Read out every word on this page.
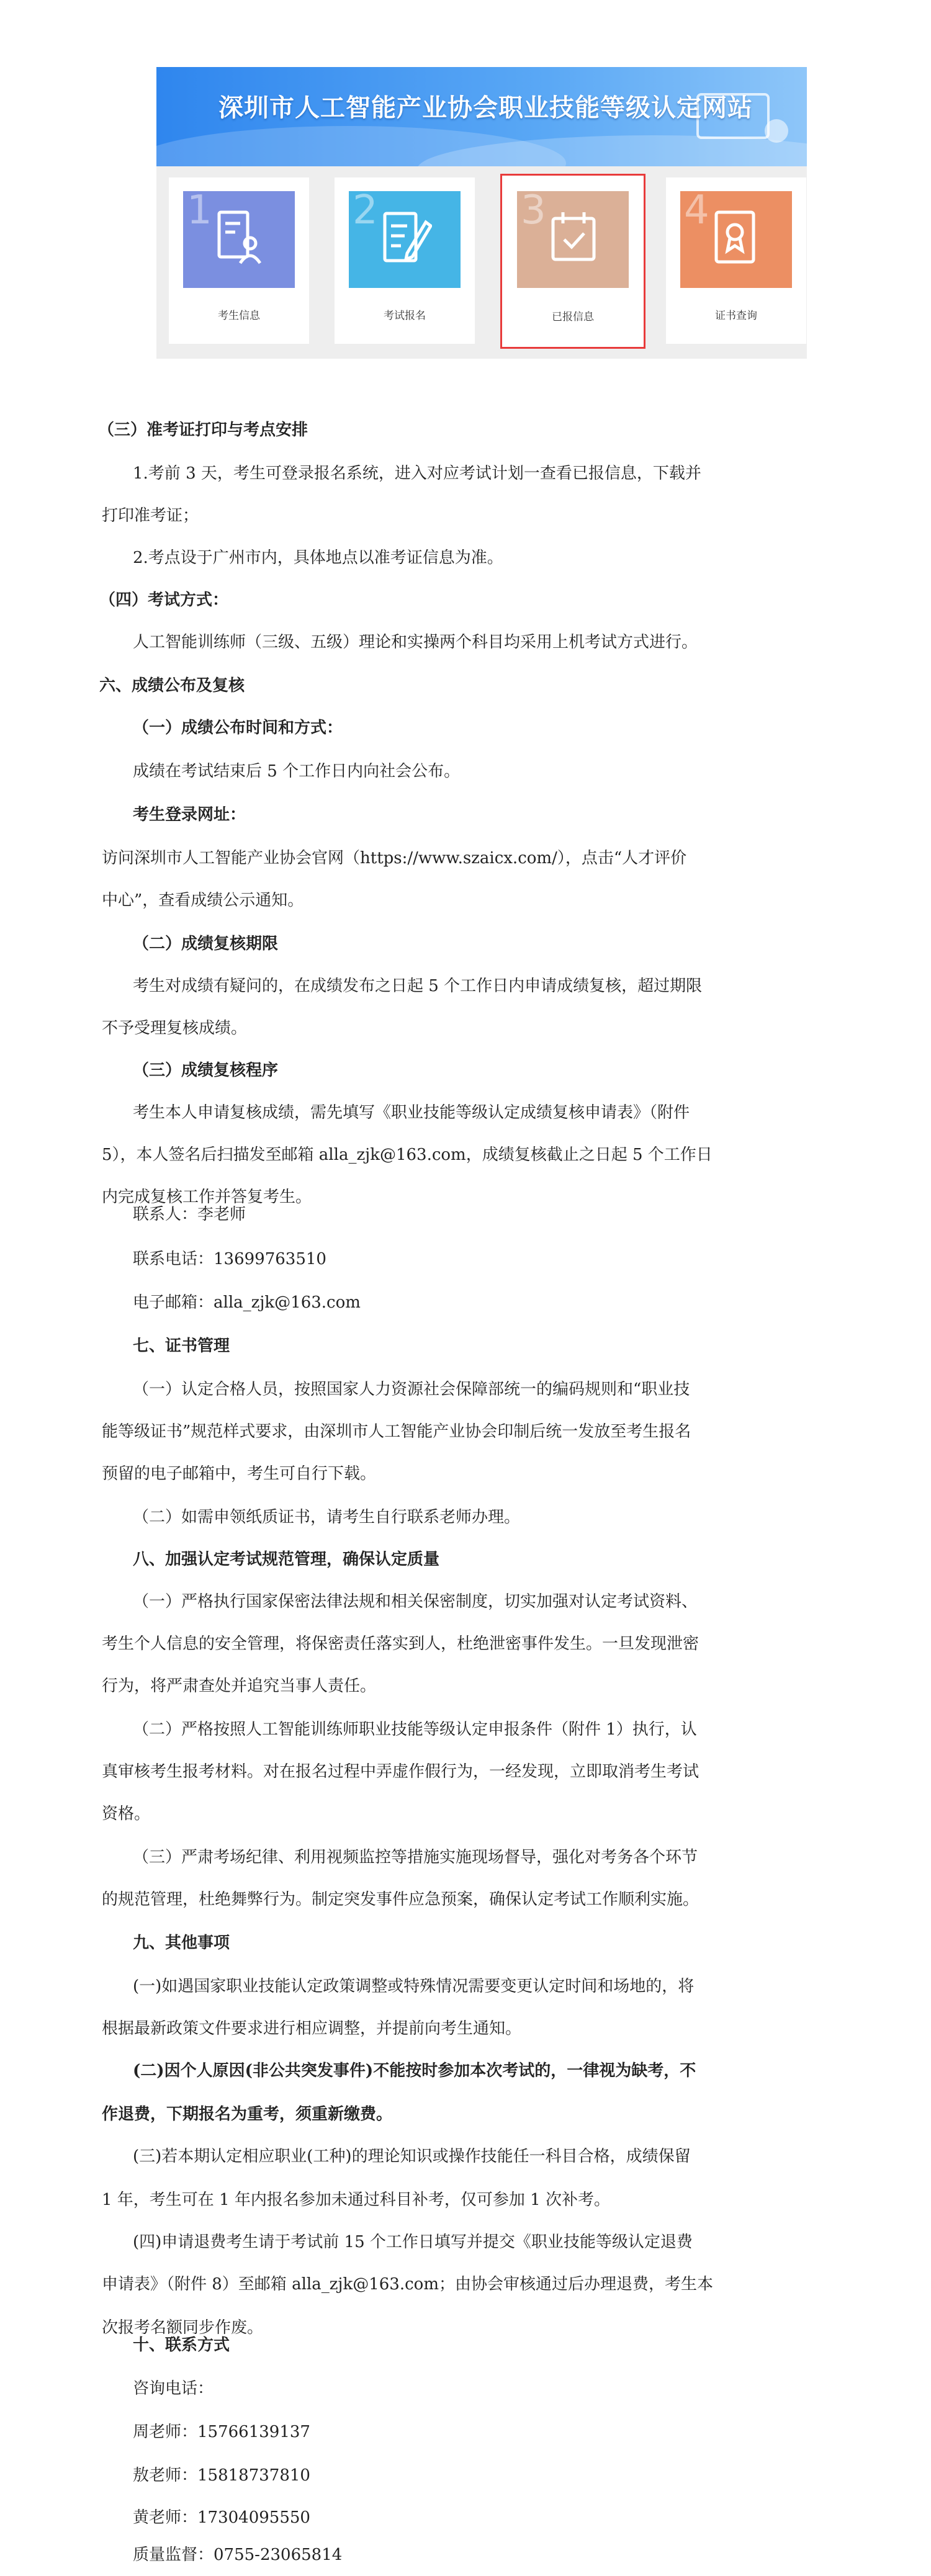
深圳市人工智能产业协会职业技能等级认定网站
1
考生信息
2
考试报名
3
已报信息
4
证书查询
（三）准考证打印与考点安排
1.考前 3 天，考生可登录报名系统，进入对应考试计划一查看已报信息，下载并
打印准考证；
2.考点设于广州市内，具体地点以准考证信息为准。
（四）考试方式：
人工智能训练师（三级、五级）理论和实操两个科目均采用上机考试方式进行。
六、成绩公布及复核
（一）成绩公布时间和方式：
成绩在考试结束后 5 个工作日内向社会公布。
考生登录网址：
访问深圳市人工智能产业协会官网（https://www.szaicx.com/），点击“人才评价
中心”，查看成绩公示通知。
（二）成绩复核期限
考生对成绩有疑问的，在成绩发布之日起 5 个工作日内申请成绩复核，超过期限
不予受理复核成绩。
（三）成绩复核程序
考生本人申请复核成绩，需先填写《职业技能等级认定成绩复核申请表》（附件
5），本人签名后扫描发至邮箱 alla_zjk@163.com，成绩复核截止之日起 5 个工作日
内完成复核工作并答复考生。
联系人：李老师
联系电话：13699763510
电子邮箱：alla_zjk@163.com
七、证书管理
（一）认定合格人员，按照国家人力资源社会保障部统一的编码规则和“职业技
能等级证书”规范样式要求，由深圳市人工智能产业协会印制后统一发放至考生报名
预留的电子邮箱中，考生可自行下载。
（二）如需申领纸质证书，请考生自行联系老师办理。
八、加强认定考试规范管理，确保认定质量
（一）严格执行国家保密法律法规和相关保密制度，切实加强对认定考试资料、
考生个人信息的安全管理，将保密责任落实到人，杜绝泄密事件发生。一旦发现泄密
行为，将严肃查处并追究当事人责任。
（二）严格按照人工智能训练师职业技能等级认定申报条件（附件 1）执行，认
真审核考生报考材料。对在报名过程中弄虚作假行为，一经发现，立即取消考生考试
资格。
（三）严肃考场纪律、利用视频监控等措施实施现场督导，强化对考务各个环节
的规范管理，杜绝舞弊行为。制定突发事件应急预案，确保认定考试工作顺利实施。
九、其他事项
(一)如遇国家职业技能认定政策调整或特殊情况需要变更认定时间和场地的，将
根据最新政策文件要求进行相应调整，并提前向考生通知。
(二)因个人原因(非公共突发事件)不能按时参加本次考试的，一律视为缺考，不
作退费，下期报名为重考，须重新缴费。
(三)若本期认定相应职业(工种)的理论知识或操作技能任一科目合格，成绩保留
1 年，考生可在 1 年内报名参加未通过科目补考，仅可参加 1 次补考。
(四)申请退费考生请于考试前 15 个工作日填写并提交《职业技能等级认定退费
申请表》（附件 8）至邮箱 alla_zjk@163.com；由协会审核通过后办理退费，考生本
次报考名额同步作废。
十、联系方式
咨询电话：
周老师：15766139137
敖老师：15818737810
黄老师：17304095550
质量监督：0755-23065814
